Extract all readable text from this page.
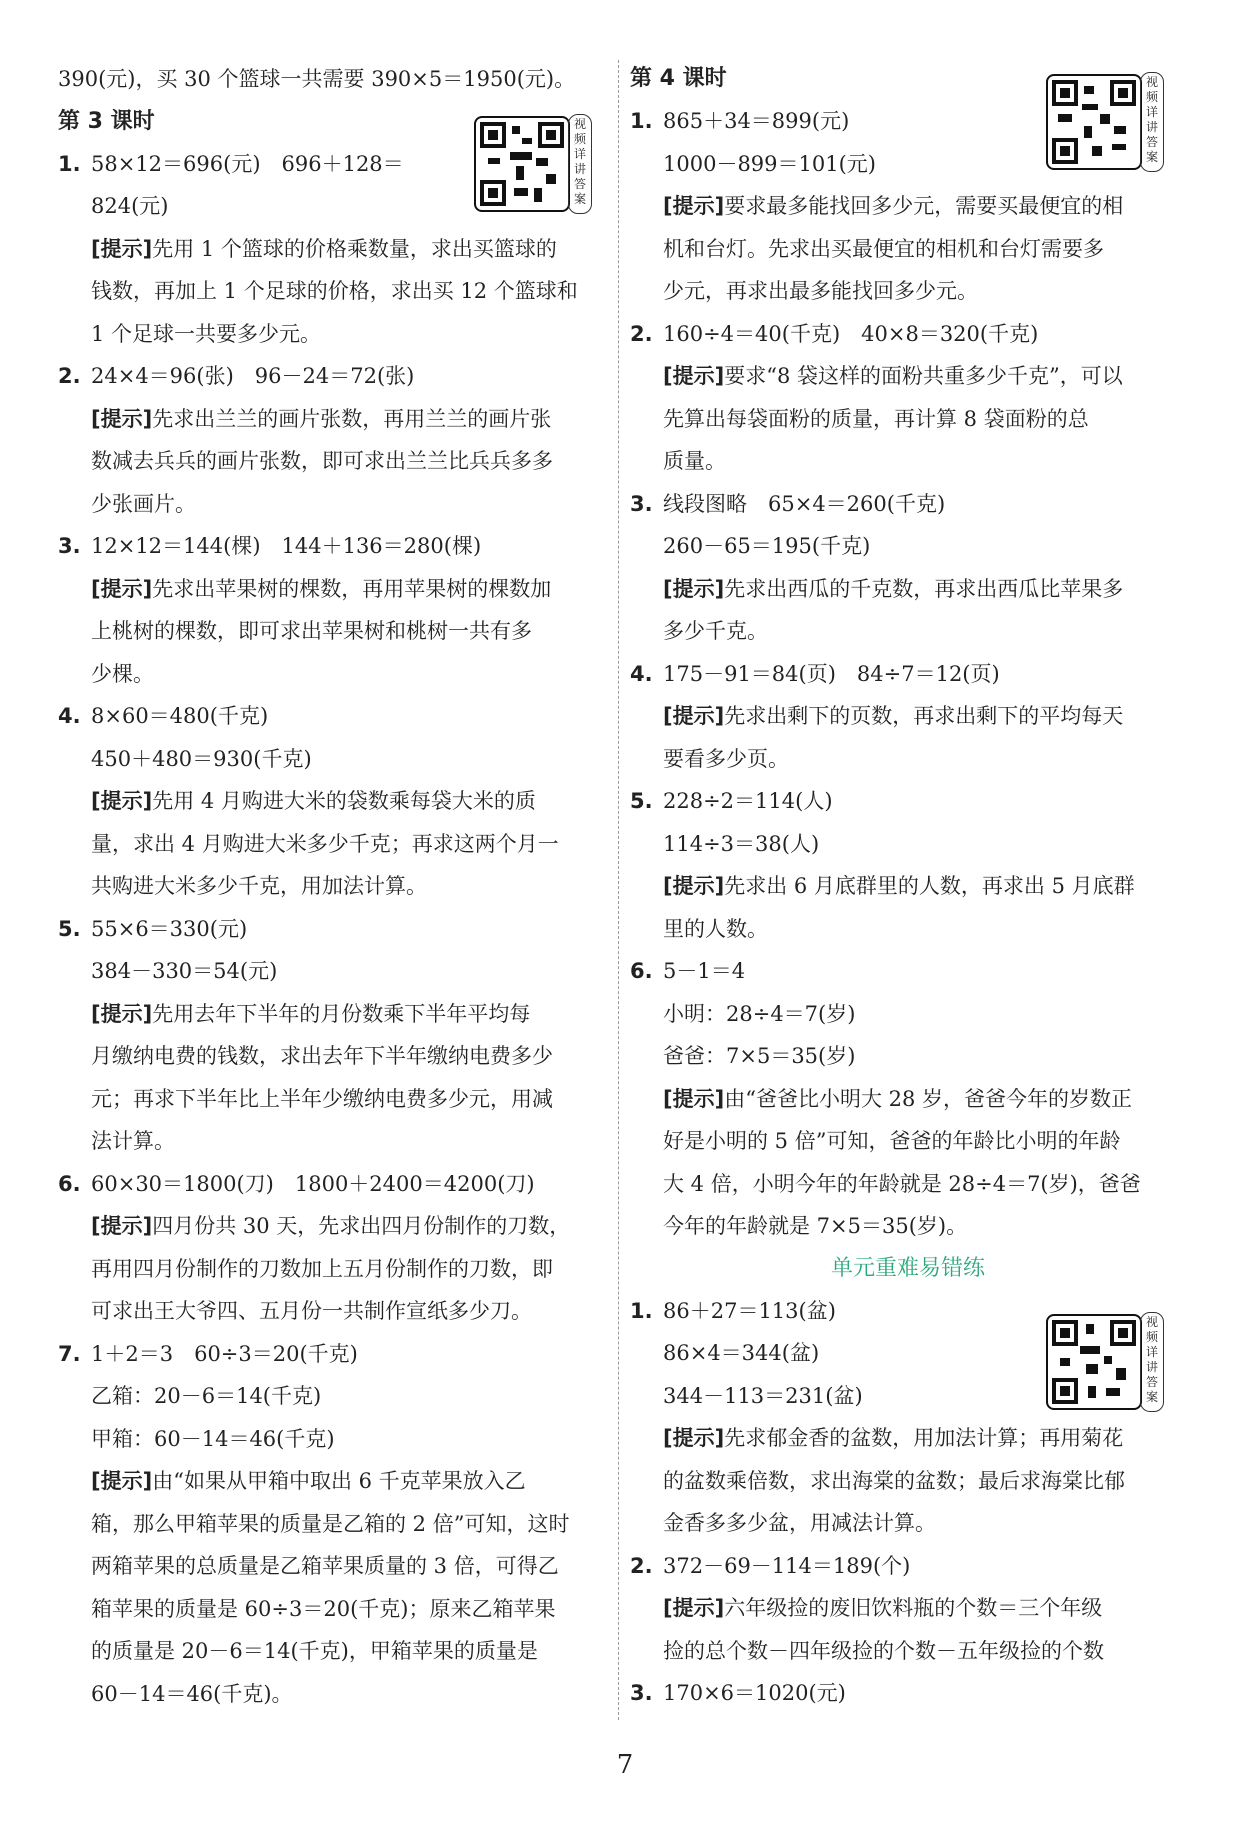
390(元)，买 30 个篮球一共需要 390×5＝1950(元)。
第 3 课时
1. 58×12＝696(元)　696＋128＝
824(元)
[提示]先用 1 个篮球的价格乘数量，求出买篮球的
钱数，再加上 1 个足球的价格，求出买 12 个篮球和
1 个足球一共要多少元。
2. 24×4＝96(张)　96－24＝72(张)
[提示]先求出兰兰的画片张数，再用兰兰的画片张
数减去兵兵的画片张数，即可求出兰兰比兵兵多多
少张画片。
3. 12×12＝144(棵)　144＋136＝280(棵)
[提示]先求出苹果树的棵数，再用苹果树的棵数加
上桃树的棵数，即可求出苹果树和桃树一共有多
少棵。
4. 8×60＝480(千克)
450＋480＝930(千克)
[提示]先用 4 月购进大米的袋数乘每袋大米的质
量，求出 4 月购进大米多少千克；再求这两个月一
共购进大米多少千克，用加法计算。
5. 55×6＝330(元)
384－330＝54(元)
[提示]先用去年下半年的月份数乘下半年平均每
月缴纳电费的钱数，求出去年下半年缴纳电费多少
元；再求下半年比上半年少缴纳电费多少元，用减
法计算。
6. 60×30＝1800(刀)　1800＋2400＝4200(刀)
[提示]四月份共 30 天，先求出四月份制作的刀数，
再用四月份制作的刀数加上五月份制作的刀数，即
可求出王大爷四、五月份一共制作宣纸多少刀。
7. 1＋2＝3　60÷3＝20(千克)
乙箱：20－6＝14(千克)
甲箱：60－14＝46(千克)
[提示]由“如果从甲箱中取出 6 千克苹果放入乙
箱，那么甲箱苹果的质量是乙箱的 2 倍”可知，这时
两箱苹果的总质量是乙箱苹果质量的 3 倍，可得乙
箱苹果的质量是 60÷3＝20(千克)；原来乙箱苹果
的质量是 20－6＝14(千克)，甲箱苹果的质量是
60－14＝46(千克)。
第 4 课时
1. 865＋34＝899(元)
1000－899＝101(元)
[提示]要求最多能找回多少元，需要买最便宜的相
机和台灯。先求出买最便宜的相机和台灯需要多
少元，再求出最多能找回多少元。
2. 160÷4＝40(千克)　40×8＝320(千克)
[提示]要求“8 袋这样的面粉共重多少千克”，可以
先算出每袋面粉的质量，再计算 8 袋面粉的总
质量。
3. 线段图略　65×4＝260(千克)
260－65＝195(千克)
[提示]先求出西瓜的千克数，再求出西瓜比苹果多
多少千克。
4. 175－91＝84(页)　84÷7＝12(页)
[提示]先求出剩下的页数，再求出剩下的平均每天
要看多少页。
5. 228÷2＝114(人)
114÷3＝38(人)
[提示]先求出 6 月底群里的人数，再求出 5 月底群
里的人数。
6. 5－1＝4
小明：28÷4＝7(岁)
爸爸：7×5＝35(岁)
[提示]由“爸爸比小明大 28 岁，爸爸今年的岁数正
好是小明的 5 倍”可知，爸爸的年龄比小明的年龄
大 4 倍，小明今年的年龄就是 28÷4＝7(岁)，爸爸
今年的年龄就是 7×5＝35(岁)。
单元重难易错练
1. 86＋27＝113(盆)
86×4＝344(盆)
344－113＝231(盆)
[提示]先求郁金香的盆数，用加法计算；再用菊花
的盆数乘倍数，求出海棠的盆数；最后求海棠比郁
金香多多少盆，用减法计算。
2. 372－69－114＝189(个)
[提示]六年级捡的废旧饮料瓶的个数＝三个年级
捡的总个数－四年级捡的个数－五年级捡的个数
3. 170×6＝1020(元)
视频详讲答案
视频详讲答案
视频详讲答案
7
